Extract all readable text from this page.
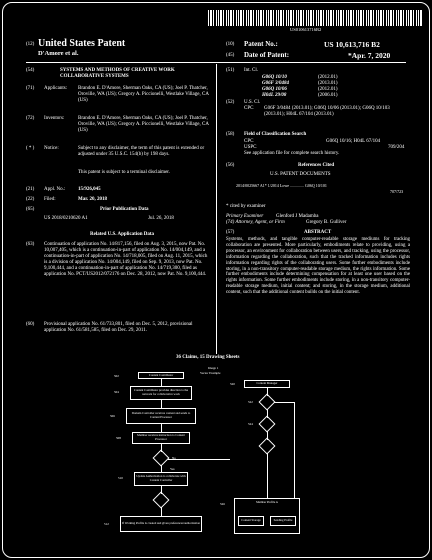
US010613716B2
(12) United States Patent
D'Amore et al.
(10) Patent No.:	US 10,613,716 B2
(45) Date of Patent:	*Apr. 7, 2020
(54)	SYSTEMS AND METHODS OF CREATIVE WORK COLLABORATIVE SYSTEMS
(71) Applicants: Brandon E. D'Amore, Sherman Oaks, CA (US); Joel P. Thatcher, Oroville, WA (US); Gregory A. Piccionelli, Westlake Village, CA (US)
(72) Inventors:	Brandon E. D'Amore, Sherman Oaks, CA (US); Joel P. Thatcher, Oroville, WA (US); Gregory A. Piccionelli, Westlake Village, CA (US)
( * ) Notice:	Subject to any disclaimer, the term of this patent is extended or adjusted under 35 U.S.C. 154(b) by 198 days.
This patent is subject to a terminal disclaimer.
(21) Appl. No.:	15/926,045
(22) Filed:	Mar. 20, 2018
(65)	Prior Publication Data
US 2018/0210620 A1	Jul. 26, 2018
Related U.S. Application Data
(63) Continuation of application No. 14/817,156, filed on Aug. 3, 2015, now Pat. No. 10,007,405, which is a continuation-in-part of application No. 14/004,149, and a continuation-in-part of application No. 14/718,005, filed on Aug. 11, 2015, which is a division of application No. 14/004,149, filed on Sep. 9, 2013, now Pat. No. 9,100,444, and a continuation-in-part of application No. 14/719,300, filed as application No. PCT/US2012/072176 on Dec. 28, 2012, now Pat. No. 9,100,444.
(60) Provisional application No. 61/733,801, filed on Dec. 5, 2012, provisional application No. 61/581,585, filed on Dec. 29, 2011.
(51) Int. Cl.
G06Q 10/10	(2012.01)
G06F 3/0484	(2013.01)
G06Q 10/06	(2012.01)
H04L 29/08	(2006.01)
(52) U.S. Cl.
CPC G06F 3/0484 (2013.01); G06Q 10/06 (2013.01); G06Q 10/103 (2013.01); H04L 67/104 (2013.01)
(58) Field of Classification Search
CPC	G06Q 10/16; H04L 67/104
USPC	709/204
See application file for complete search history.
(56)	References Cited
U.S. PATENT DOCUMENTS
2014/0025667 A1* 1/2014 Lowe .............. G06Q 10/101
707/723
* cited by examiner
Primary Examiner	Glenford J Madamba
(74) Attorney, Agent, or Firm	Gregory B. Gulliver
(57)	ABSTRACT
Systems, methods, and tangible computer-readable storage mediums for tracking collaboration are presented. More particularly, embodiments relate to providing, using a processor, an environment for collaboration between users, and tracking, using the processor, information regarding the collaboration, such that the tracked information includes rights information regarding rights of the collaborating users. Some further embodiments include storing, in a non-transitory computer-readable storage medium, the rights information. Some further embodiments include determining compensation for at least one user based on the rights information. Some further embodiments include storing, in a non-transitory computer-readable storage medium, initial content; and storing, in the storage medium, additional content, such that the additional content builds on the initial content.
36 Claims, 15 Drawing Sheets
Image 1
Vector Example
Content Contributor
Content Contributor provides direction to the network for collaborative work
Domain Controller receives content and sends to Content Processor
Member receives instruction to Content Processor
Update Authorization to collaborate with Content Controller
If Working Profile is created and given preferences/authorization
502
504
506
508
510
512
Yes
No
Content Manager
Member Profile A
Content Storage	Sending Profile
520
522
524
526
